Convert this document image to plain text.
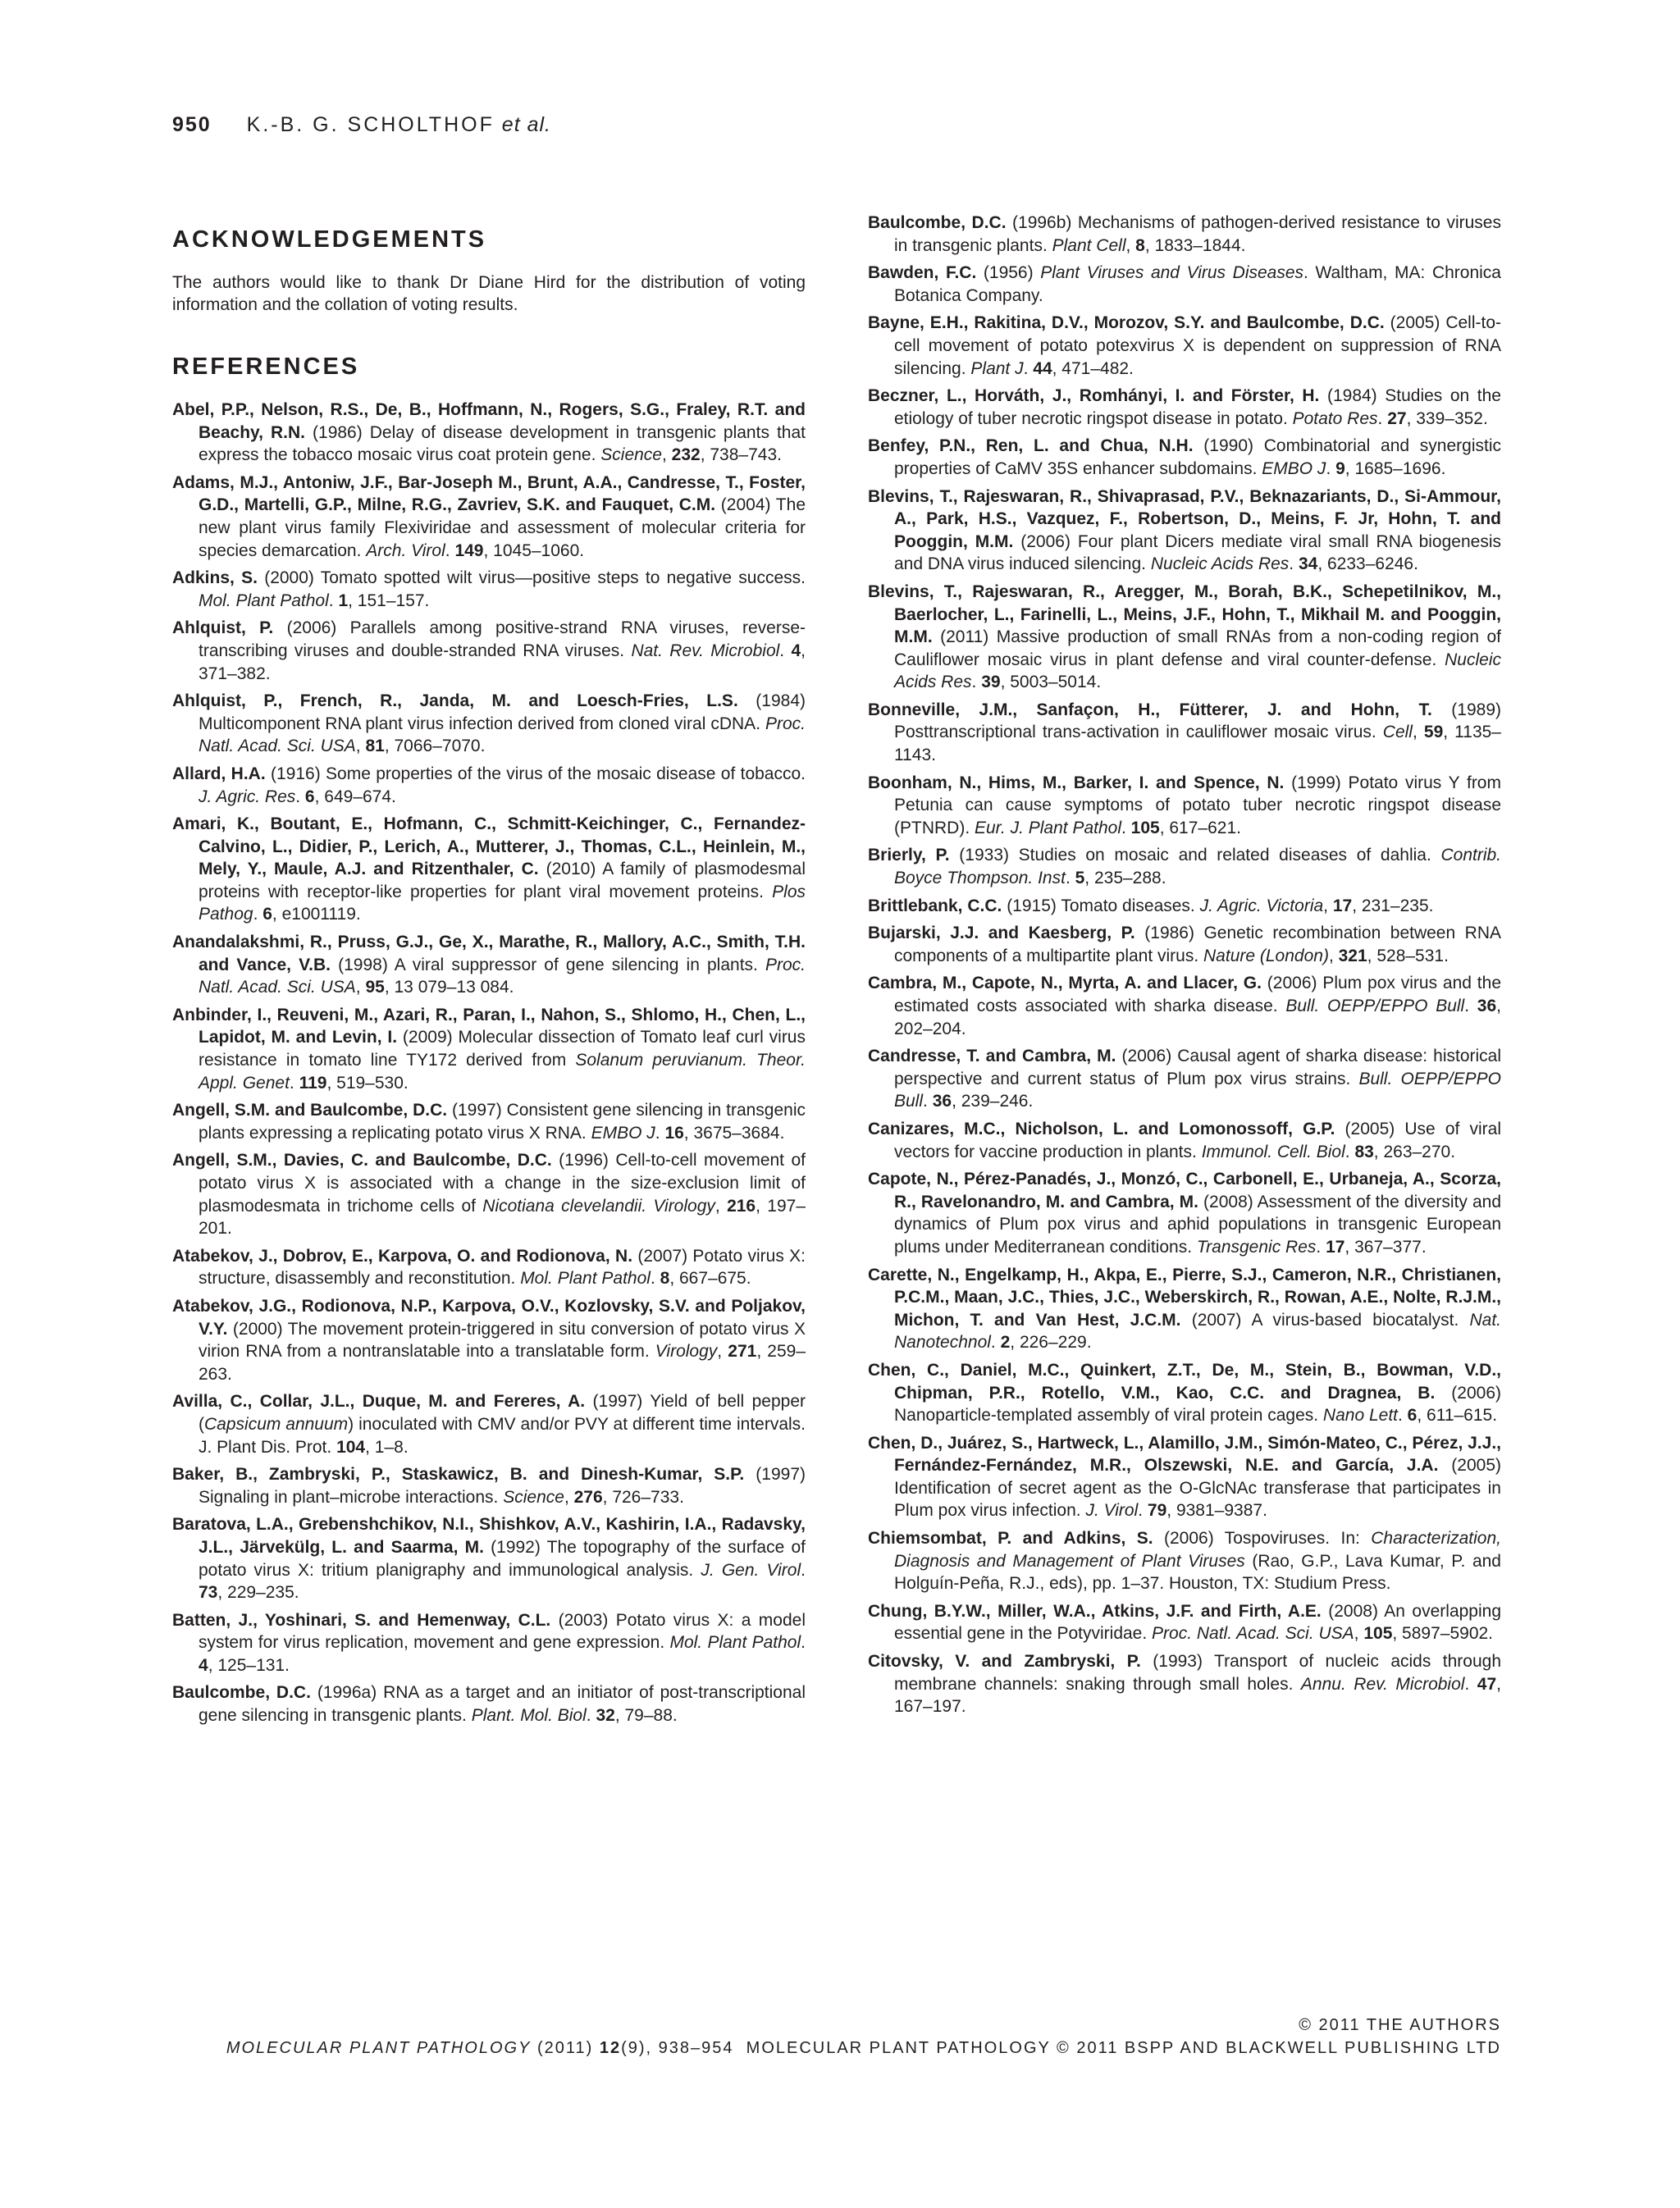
950 K.-B. G. SCHOLTHOF et al.
ACKNOWLEDGEMENTS

The authors would like to thank Dr Diane Hird for the distribution of voting information and the collation of voting results.

REFERENCES
Abel, P.P., Nelson, R.S., De, B., Hoffmann, N., Rogers, S.G., Fraley, R.T. and Beachy, R.N. (1986) Delay of disease development in transgenic plants that express the tobacco mosaic virus coat protein gene. Science, 232, 738–743.
Adams, M.J., Antoniw, J.F., Bar-Joseph M., Brunt, A.A., Candresse, T., Foster, G.D., Martelli, G.P., Milne, R.G., Zavriev, S.K. and Fauquet, C.M. (2004) The new plant virus family Flexiviridae and assessment of molecular criteria for species demarcation. Arch. Virol. 149, 1045–1060.
Adkins, S. (2000) Tomato spotted wilt virus—positive steps to negative success. Mol. Plant Pathol. 1, 151–157.
Ahlquist, P. (2006) Parallels among positive-strand RNA viruses, reverse-transcribing viruses and double-stranded RNA viruses. Nat. Rev. Microbiol. 4, 371–382.
Ahlquist, P., French, R., Janda, M. and Loesch-Fries, L.S. (1984) Multicomponent RNA plant virus infection derived from cloned viral cDNA. Proc. Natl. Acad. Sci. USA, 81, 7066–7070.
Allard, H.A. (1916) Some properties of the virus of the mosaic disease of tobacco. J. Agric. Res. 6, 649–674.
Amari, K., Boutant, E., Hofmann, C., Schmitt-Keichinger, C., Fernandez-Calvino, L., Didier, P., Lerich, A., Mutterer, J., Thomas, C.L., Heinlein, M., Mely, Y., Maule, A.J. and Ritzenthaler, C. (2010) A family of plasmodesmal proteins with receptor-like properties for plant viral movement proteins. Plos Pathog. 6, e1001119.
Anandalakshmi, R., Pruss, G.J., Ge, X., Marathe, R., Mallory, A.C., Smith, T.H. and Vance, V.B. (1998) A viral suppressor of gene silencing in plants. Proc. Natl. Acad. Sci. USA, 95, 13 079–13 084.
Anbinder, I., Reuveni, M., Azari, R., Paran, I., Nahon, S., Shlomo, H., Chen, L., Lapidot, M. and Levin, I. (2009) Molecular dissection of Tomato leaf curl virus resistance in tomato line TY172 derived from Solanum peruvianum. Theor. Appl. Genet. 119, 519–530.
Angell, S.M. and Baulcombe, D.C. (1997) Consistent gene silencing in transgenic plants expressing a replicating potato virus X RNA. EMBO J. 16, 3675–3684.
Angell, S.M., Davies, C. and Baulcombe, D.C. (1996) Cell-to-cell movement of potato virus X is associated with a change in the size-exclusion limit of plasmodesmata in trichome cells of Nicotiana clevelandii. Virology, 216, 197–201.
Atabekov, J., Dobrov, E., Karpova, O. and Rodionova, N. (2007) Potato virus X: structure, disassembly and reconstitution. Mol. Plant Pathol. 8, 667–675.
Atabekov, J.G., Rodionova, N.P., Karpova, O.V., Kozlovsky, S.V. and Poljakov, V.Y. (2000) The movement protein-triggered in situ conversion of potato virus X virion RNA from a nontranslatable into a translatable form. Virology, 271, 259–263.
Avilla, C., Collar, J.L., Duque, M. and Fereres, A. (1997) Yield of bell pepper (Capsicum annuum) inoculated with CMV and/or PVY at different time intervals. J. Plant Dis. Prot. 104, 1–8.
Baker, B., Zambryski, P., Staskawicz, B. and Dinesh-Kumar, S.P. (1997) Signaling in plant–microbe interactions. Science, 276, 726–733.
Baratova, L.A., Grebenshchikov, N.I., Shishkov, A.V., Kashirin, I.A., Radavsky, J.L., Järvekülg, L. and Saarma, M. (1992) The topography of the surface of potato virus X: tritium planigraphy and immunological analysis. J. Gen. Virol. 73, 229–235.
Batten, J., Yoshinari, S. and Hemenway, C.L. (2003) Potato virus X: a model system for virus replication, movement and gene expression. Mol. Plant Pathol. 4, 125–131.
Baulcombe, D.C. (1996a) RNA as a target and an initiator of post-transcriptional gene silencing in transgenic plants. Plant. Mol. Biol. 32, 79–88.
Baulcombe, D.C. (1996b) Mechanisms of pathogen-derived resistance to viruses in transgenic plants. Plant Cell, 8, 1833–1844.
Bawden, F.C. (1956) Plant Viruses and Virus Diseases. Waltham, MA: Chronica Botanica Company.
Bayne, E.H., Rakitina, D.V., Morozov, S.Y. and Baulcombe, D.C. (2005) Cell-to-cell movement of potato potexvirus X is dependent on suppression of RNA silencing. Plant J. 44, 471–482.
Beczner, L., Horváth, J., Romhányi, I. and Förster, H. (1984) Studies on the etiology of tuber necrotic ringspot disease in potato. Potato Res. 27, 339–352.
Benfey, P.N., Ren, L. and Chua, N.H. (1990) Combinatorial and synergistic properties of CaMV 35S enhancer subdomains. EMBO J. 9, 1685–1696.
Blevins, T., Rajeswaran, R., Shivaprasad, P.V., Beknazariants, D., Si-Ammour, A., Park, H.S., Vazquez, F., Robertson, D., Meins, F. Jr, Hohn, T. and Pooggin, M.M. (2006) Four plant Dicers mediate viral small RNA biogenesis and DNA virus induced silencing. Nucleic Acids Res. 34, 6233–6246.
Blevins, T., Rajeswaran, R., Aregger, M., Borah, B.K., Schepetilnikov, M., Baerlocher, L., Farinelli, L., Meins, J.F., Hohn, T., Mikhail M. and Pooggin, M.M. (2011) Massive production of small RNAs from a non-coding region of Cauliflower mosaic virus in plant defense and viral counter-defense. Nucleic Acids Res. 39, 5003–5014.
Bonneville, J.M., Sanfaçon, H., Fütterer, J. and Hohn, T. (1989) Posttranscriptional trans-activation in cauliflower mosaic virus. Cell, 59, 1135–1143.
Boonham, N., Hims, M., Barker, I. and Spence, N. (1999) Potato virus Y from Petunia can cause symptoms of potato tuber necrotic ringspot disease (PTNRD). Eur. J. Plant Pathol. 105, 617–621.
Brierly, P. (1933) Studies on mosaic and related diseases of dahlia. Contrib. Boyce Thompson. Inst. 5, 235–288.
Brittlebank, C.C. (1915) Tomato diseases. J. Agric. Victoria, 17, 231–235.
Bujarski, J.J. and Kaesberg, P. (1986) Genetic recombination between RNA components of a multipartite plant virus. Nature (London), 321, 528–531.
Cambra, M., Capote, N., Myrta, A. and Llacer, G. (2006) Plum pox virus and the estimated costs associated with sharka disease. Bull. OEPP/EPPO Bull. 36, 202–204.
Candresse, T. and Cambra, M. (2006) Causal agent of sharka disease: historical perspective and current status of Plum pox virus strains. Bull. OEPP/EPPO Bull. 36, 239–246.
Canizares, M.C., Nicholson, L. and Lomonossoff, G.P. (2005) Use of viral vectors for vaccine production in plants. Immunol. Cell. Biol. 83, 263–270.
Capote, N., Pérez-Panadés, J., Monzó, C., Carbonell, E., Urbaneja, A., Scorza, R., Ravelonandro, M. and Cambra, M. (2008) Assessment of the diversity and dynamics of Plum pox virus and aphid populations in transgenic European plums under Mediterranean conditions. Transgenic Res. 17, 367–377.
Carette, N., Engelkamp, H., Akpa, E., Pierre, S.J., Cameron, N.R., Christianen, P.C.M., Maan, J.C., Thies, J.C., Weberskirch, R., Rowan, A.E., Nolte, R.J.M., Michon, T. and Van Hest, J.C.M. (2007) A virus-based biocatalyst. Nat. Nanotechnol. 2, 226–229.
Chen, C., Daniel, M.C., Quinkert, Z.T., De, M., Stein, B., Bowman, V.D., Chipman, P.R., Rotello, V.M., Kao, C.C. and Dragnea, B. (2006) Nanoparticle-templated assembly of viral protein cages. Nano Lett. 6, 611–615.
Chen, D., Juárez, S., Hartweck, L., Alamillo, J.M., Simón-Mateo, C., Pérez, J.J., Fernández-Fernández, M.R., Olszewski, N.E. and García, J.A. (2005) Identification of secret agent as the O-GlcNAc transferase that participates in Plum pox virus infection. J. Virol. 79, 9381–9387.
Chiemsombat, P. and Adkins, S. (2006) Tospoviruses. In: Characterization, Diagnosis and Management of Plant Viruses (Rao, G.P., Lava Kumar, P. and Holguín-Peña, R.J., eds), pp. 1–37. Houston, TX: Studium Press.
Chung, B.Y.W., Miller, W.A., Atkins, J.F. and Firth, A.E. (2008) An overlapping essential gene in the Potyviridae. Proc. Natl. Acad. Sci. USA, 105, 5897–5902.
Citovsky, V. and Zambryski, P. (1993) Transport of nucleic acids through membrane channels: snaking through small holes. Annu. Rev. Microbiol. 47, 167–197.
© 2011 THE AUTHORS
MOLECULAR PLANT PATHOLOGY (2011) 12(9), 938–954 MOLECULAR PLANT PATHOLOGY © 2011 BSPP AND BLACKWELL PUBLISHING LTD
